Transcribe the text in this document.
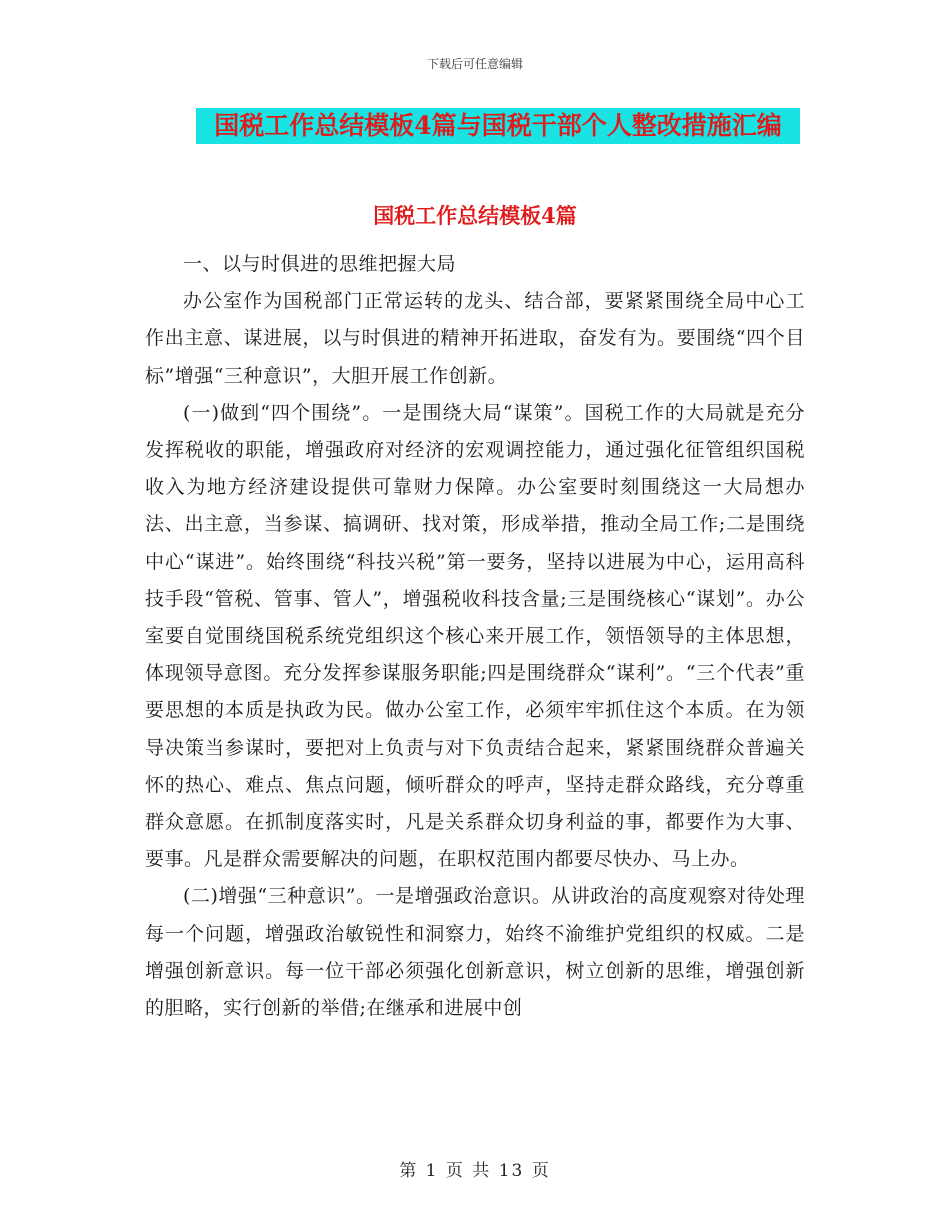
下载后可任意编辑
国税工作总结模板4篇与国税干部个人整改措施汇编
国税工作总结模板4篇

一、以与时俱进的思维把握大局

办公室作为国税部门正常运转的龙头、结合部，要紧紧围绕全局中心工作出主意、谋进展，以与时俱进的精神开拓进取，奋发有为。要围绕“四个目标”增强“三种意识”，大胆开展工作创新。

(一)做到“四个围绕”。一是围绕大局“谋策”。国税工作的大局就是充分发挥税收的职能，增强政府对经济的宏观调控能力，通过强化征管组织国税收入为地方经济建设提供可靠财力保障。办公室要时刻围绕这一大局想办法、出主意，当参谋、搞调研、找对策，形成举措，推动全局工作;二是围绕中心“谋进”。始终围绕“科技兴税”第一要务，坚持以进展为中心，运用高科技手段“管税、管事、管人”，增强税收科技含量;三是围绕核心“谋划”。办公室要自觉围绕国税系统党组织这个核心来开展工作，领悟领导的主体思想，体现领导意图。充分发挥参谋服务职能;四是围绕群众“谋利”。“三个代表”重要思想的本质是执政为民。做办公室工作，必须牢牢抓住这个本质。在为领导决策当参谋时，要把对上负责与对下负责结合起来，紧紧围绕群众普遍关怀的热心、难点、焦点问题，倾听群众的呼声，坚持走群众路线，充分尊重群众意愿。在抓制度落实时，凡是关系群众切身利益的事，都要作为大事、要事。凡是群众需要解决的问题，在职权范围内都要尽快办、马上办。

(二)增强“三种意识”。一是增强政治意识。从讲政治的高度观察对待处理每一个问题，增强政治敏锐性和洞察力，始终不渝维护党组织的权威。二是增强创新意识。每一位干部必须强化创新意识，树立创新的思维，增强创新的胆略，实行创新的举借;在继承和进展中创

第 1 页 共 13 页
